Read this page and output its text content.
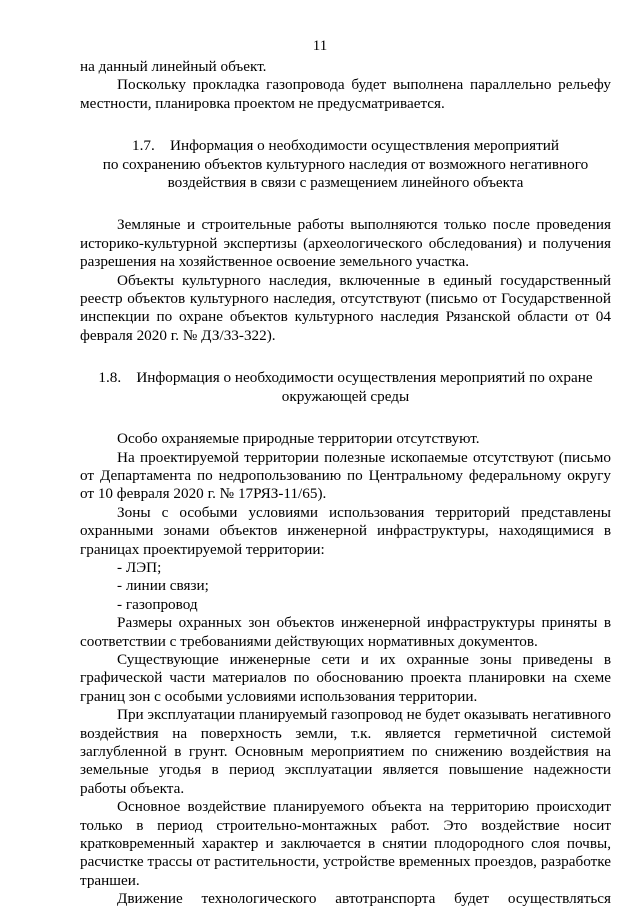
11

на данный линейный объект.

Поскольку прокладка газопровода будет выполнена параллельно рельефу местности, планировка проектом не предусматривается.

1.7.    Информация о необходимости осуществления мероприятий

по сохранению объектов культурного наследия от возможного негативного

воздействия в связи с размещением линейного объекта

Земляные и строительные работы выполняются только после проведения историко-культурной экспертизы (археологического обследования) и получения разрешения на хозяйственное освоение земельного участка.

Объекты культурного наследия, включенные в единый государственный реестр объектов культурного наследия, отсутствуют (письмо от Государственной инспекции по охране объектов культурного наследия Рязанской области от 04 февраля 2020 г. № ДЗ/33-322).

1.8.    Информация о необходимости осуществления мероприятий по охране

окружающей среды

Особо охраняемые природные территории отсутствуют.

На проектируемой территории полезные ископаемые отсутствуют (письмо от Департамента по недропользованию по Центральному федеральному округу от 10 февраля 2020 г. № 17РЯЗ-11/65).

Зоны с особыми условиями использования территорий представлены охранными зонами объектов инженерной инфраструктуры, находящимися в границах проектируемой территории:

- ЛЭП;

- линии связи;

- газопровод

Размеры охранных зон объектов инженерной инфраструктуры приняты в соответствии с требованиями действующих нормативных документов.

Существующие инженерные сети и их охранные зоны приведены в графической части материалов по обоснованию проекта планировки на схеме границ зон с особыми условиями использования территории.

При эксплуатации планируемый газопровод не будет оказывать негативного воздействия на поверхность земли, т.к. является герметичной системой заглубленной в грунт. Основным мероприятием по снижению воздействия на земельные угодья в период эксплуатации является повышение надежности работы объекта.

Основное воздействие планируемого объекта на территорию происходит только в период строительно-монтажных работ. Это воздействие носит кратковременный характер и заключается в снятии плодородного слоя почвы, расчистке трассы от растительности, устройстве временных проездов, разработке траншеи.

Движение технологического автотранспорта будет осуществляться
